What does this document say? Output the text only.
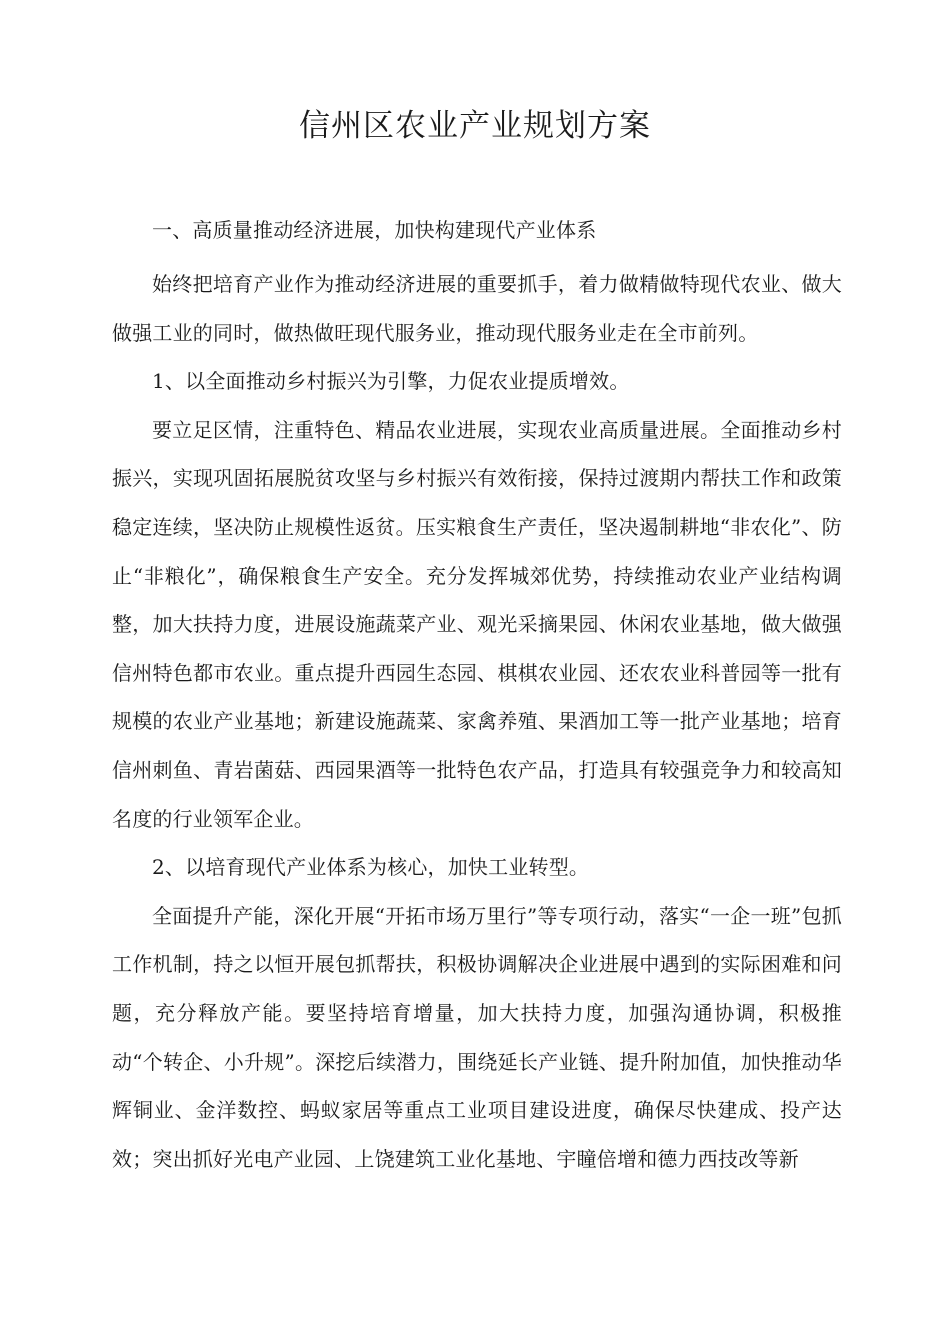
信州区农业产业规划方案

一、高质量推动经济进展，加快构建现代产业体系

始终把培育产业作为推动经济进展的重要抓手，着力做精做特现代农业、做大做强工业的同时，做热做旺现代服务业，推动现代服务业走在全市前列。

1、以全面推动乡村振兴为引擎，力促农业提质增效。

要立足区情，注重特色、精品农业进展，实现农业高质量进展。全面推动乡村振兴，实现巩固拓展脱贫攻坚与乡村振兴有效衔接，保持过渡期内帮扶工作和政策稳定连续，坚决防止规模性返贫。压实粮食生产责任，坚决遏制耕地“非农化”、防止“非粮化”，确保粮食生产安全。充分发挥城郊优势，持续推动农业产业结构调整，加大扶持力度，进展设施蔬菜产业、观光采摘果园、休闲农业基地，做大做强信州特色都市农业。重点提升西园生态园、棋棋农业园、还农农业科普园等一批有规模的农业产业基地；新建设施蔬菜、家禽养殖、果酒加工等一批产业基地；培育信州刺鱼、青岩菌菇、西园果酒等一批特色农产品，打造具有较强竞争力和较高知名度的行业领军企业。

2、以培育现代产业体系为核心，加快工业转型。

全面提升产能，深化开展“开拓市场万里行”等专项行动，落实“一企一班”包抓工作机制，持之以恒开展包抓帮扶，积极协调解决企业进展中遇到的实际困难和问题，充分释放产能。要坚持培育增量，加大扶持力度，加强沟通协调，积极推动“个转企、小升规”。深挖后续潜力，围绕延长产业链、提升附加值，加快推动华辉铜业、金洋数控、蚂蚁家居等重点工业项目建设进度，确保尽快建成、投产达效；突出抓好光电产业园、上饶建筑工业化基地、宇瞳倍增和德力西技改等新
